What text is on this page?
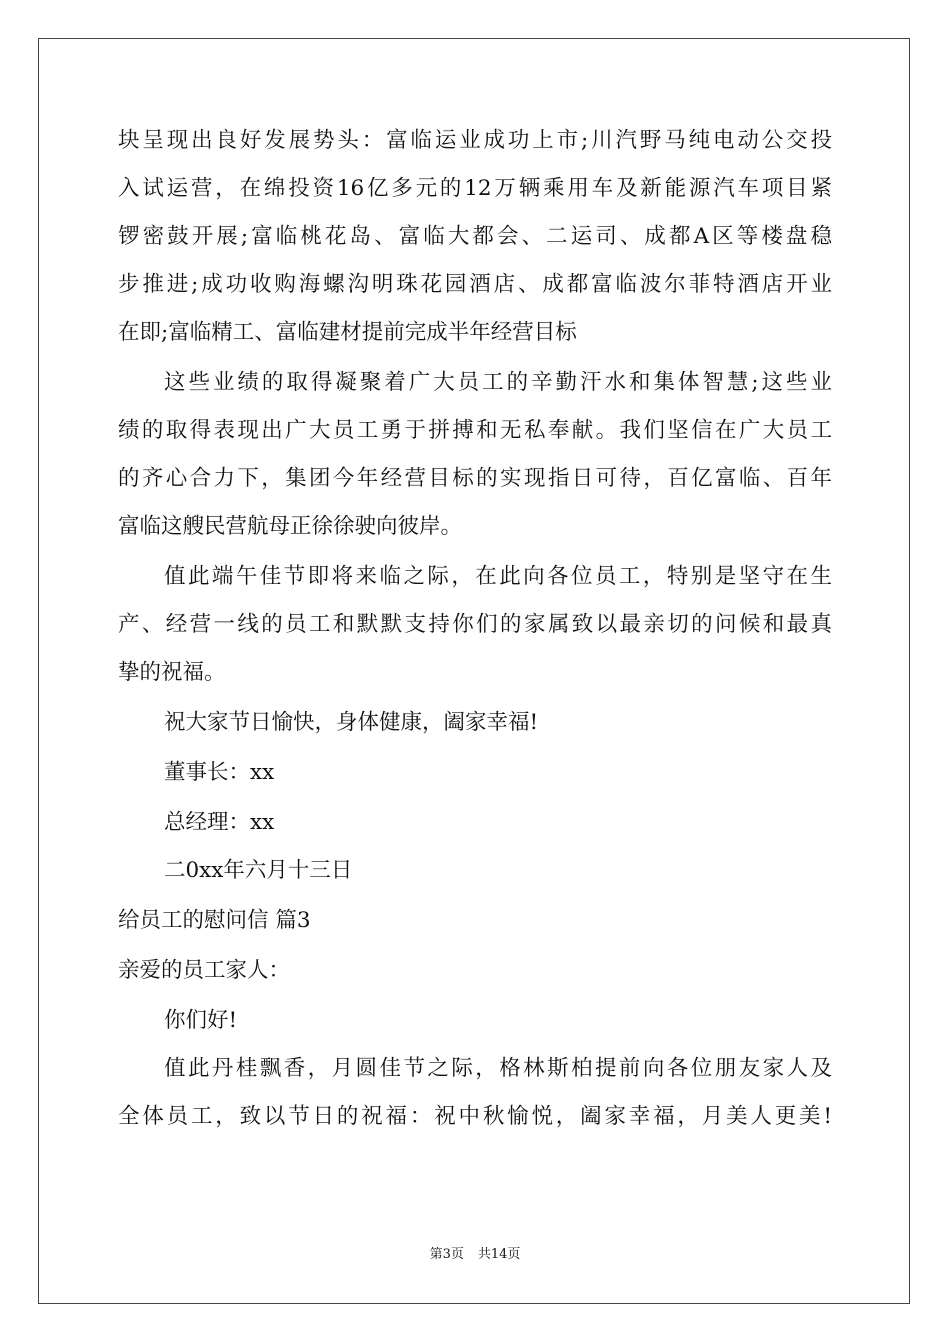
块呈现出良好发展势头：富临运业成功上市;川汽野马纯电动公交投
入试运营，在绵投资16亿多元的12万辆乘用车及新能源汽车项目紧
锣密鼓开展;富临桃花岛、富临大都会、二运司、成都A区等楼盘稳
步推进;成功收购海螺沟明珠花园酒店、成都富临波尔菲特酒店开业
在即;富临精工、富临建材提前完成半年经营目标
这些业绩的取得凝聚着广大员工的辛勤汗水和集体智慧;这些业
绩的取得表现出广大员工勇于拼搏和无私奉献。我们坚信在广大员工
的齐心合力下，集团今年经营目标的实现指日可待，百亿富临、百年
富临这艘民营航母正徐徐驶向彼岸。
值此端午佳节即将来临之际，在此向各位员工，特别是坚守在生
产、经营一线的员工和默默支持你们的家属致以最亲切的问候和最真
挚的祝福。
祝大家节日愉快，身体健康，阖家幸福!
董事长：xx
总经理：xx
二0xx年六月十三日
给员工的慰问信 篇3
亲爱的员工家人：
你们好!
值此丹桂飘香，月圆佳节之际，格林斯柏提前向各位朋友家人及
全体员工，致以节日的祝福：祝中秋愉悦，阖家幸福，月美人更美!
第3页 共14页
